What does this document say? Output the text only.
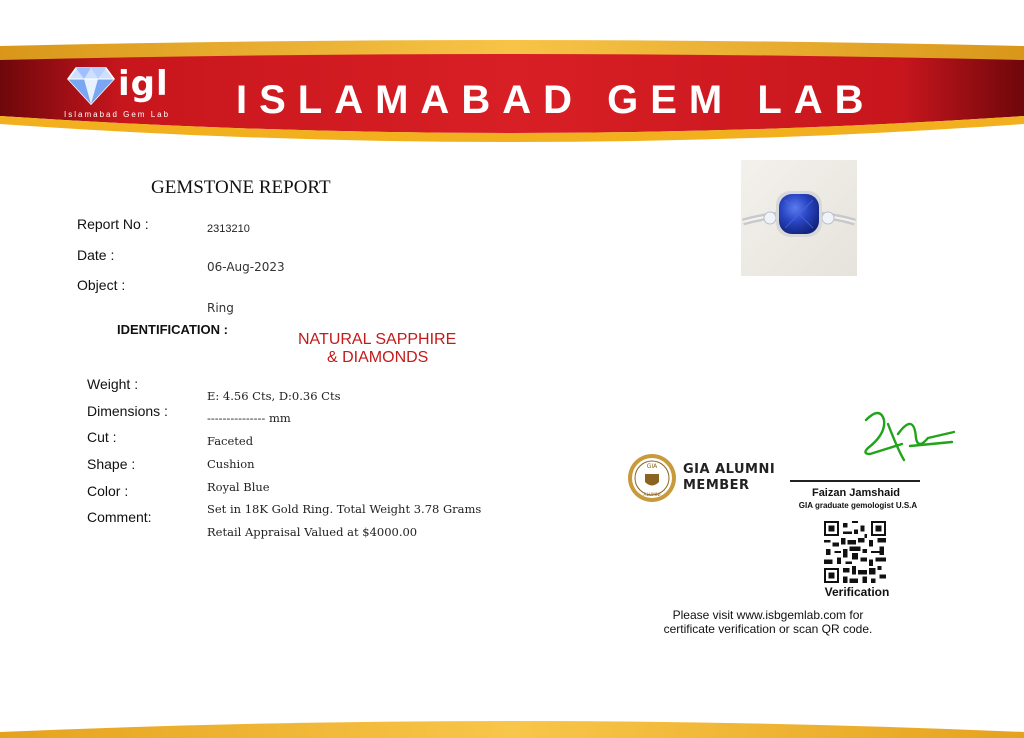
igl
Islamabad Gem Lab ISLAMABAD GEM LAB
GEMSTONE REPORT
Report No :	2313210
Date :
06-Aug-2023
Object :
Ring
IDENTIFICATION :
NATURAL SAPPHIRE
& DIAMONDS
Weight :
E: 4.56 Cts, D:0.36 Cts
Dimensions :	--------------- mm
Cut :	Faceted
Shape :	Cushion
Color :	Royal Blue
Comment:	Set in 18K Gold Ring. Total Weight 3.78 Grams
Retail Appraisal Valued at $4000.00
GIA
ALUMNI
GIA ALUMNI
MEMBER	Faizan Jamshaid
GIA graduate gemologist U.S.A
Verification
Please visit www.isbgemlab.com for
certificate verification or scan QR code.
